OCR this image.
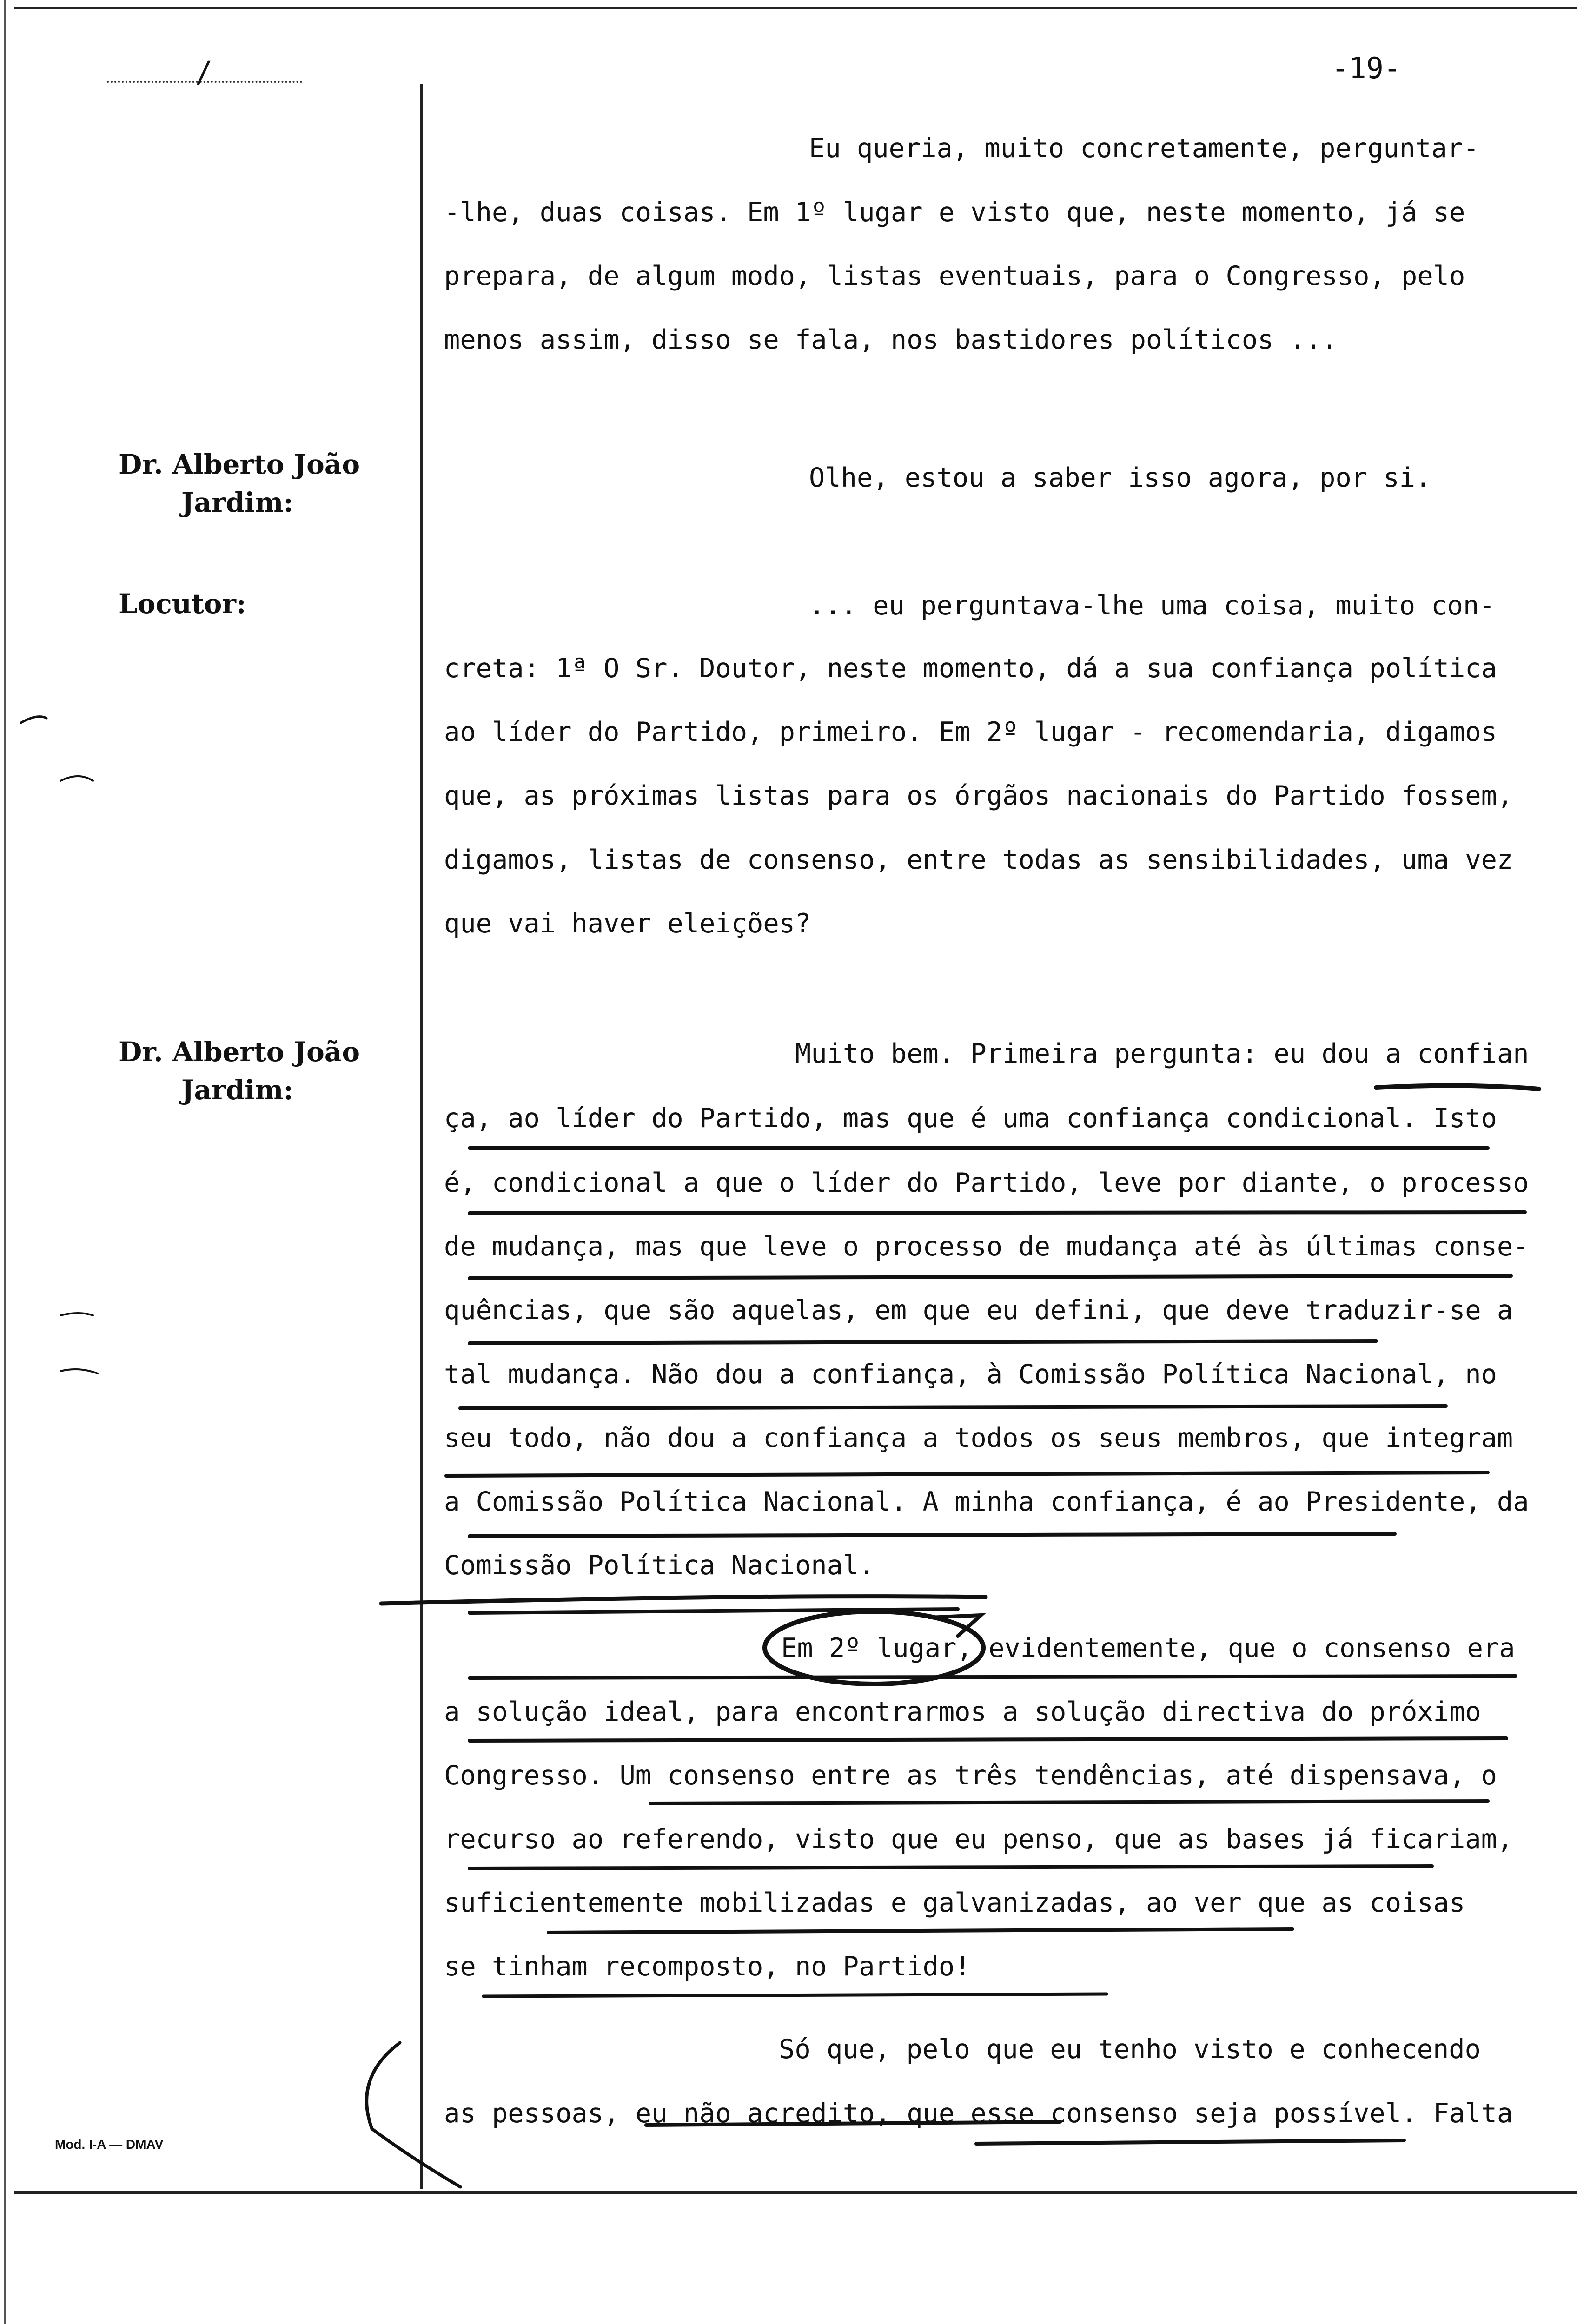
/	-19-
Dr. Alberto João
Jardim:
Locutor:
Dr. Alberto João
Jardim:
Mod. I-A — DMAV
Eu queria, muito concretamente, perguntar-
-lhe, duas coisas. Em 1º lugar e visto que, neste momento, já se
prepara, de algum modo, listas eventuais, para o Congresso, pelo
menos assim, disso se fala, nos bastidores políticos ...
Olhe, estou a saber isso agora, por si.
... eu perguntava-lhe uma coisa, muito con-
creta: 1ª O Sr. Doutor, neste momento, dá a sua confiança política
ao líder do Partido, primeiro. Em 2º lugar - recomendaria, digamos
que, as próximas listas para os órgãos nacionais do Partido fossem,
digamos, listas de consenso, entre todas as sensibilidades, uma vez
que vai haver eleições?
Muito bem. Primeira pergunta: eu dou a confian
ça, ao líder do Partido, mas que é uma confiança condicional. Isto
é, condicional a que o líder do Partido, leve por diante, o processo
de mudança, mas que leve o processo de mudança até às últimas conse-
quências, que são aquelas, em que eu defini, que deve traduzir-se a
tal mudança. Não dou a confiança, à Comissão Política Nacional, no
seu todo, não dou a confiança a todos os seus membros, que integram
a Comissão Política Nacional. A minha confiança, é ao Presidente, da
Comissão Política Nacional.
Em 2º lugar, evidentemente, que o consenso era
a solução ideal, para encontrarmos a solução directiva do próximo
Congresso. Um consenso entre as três tendências, até dispensava, o
recurso ao referendo, visto que eu penso, que as bases já ficariam,
suficientemente mobilizadas e galvanizadas, ao ver que as coisas
se tinham recomposto, no Partido!
Só que, pelo que eu tenho visto e conhecendo
as pessoas, eu não acredito, que esse consenso seja possível. Falta
